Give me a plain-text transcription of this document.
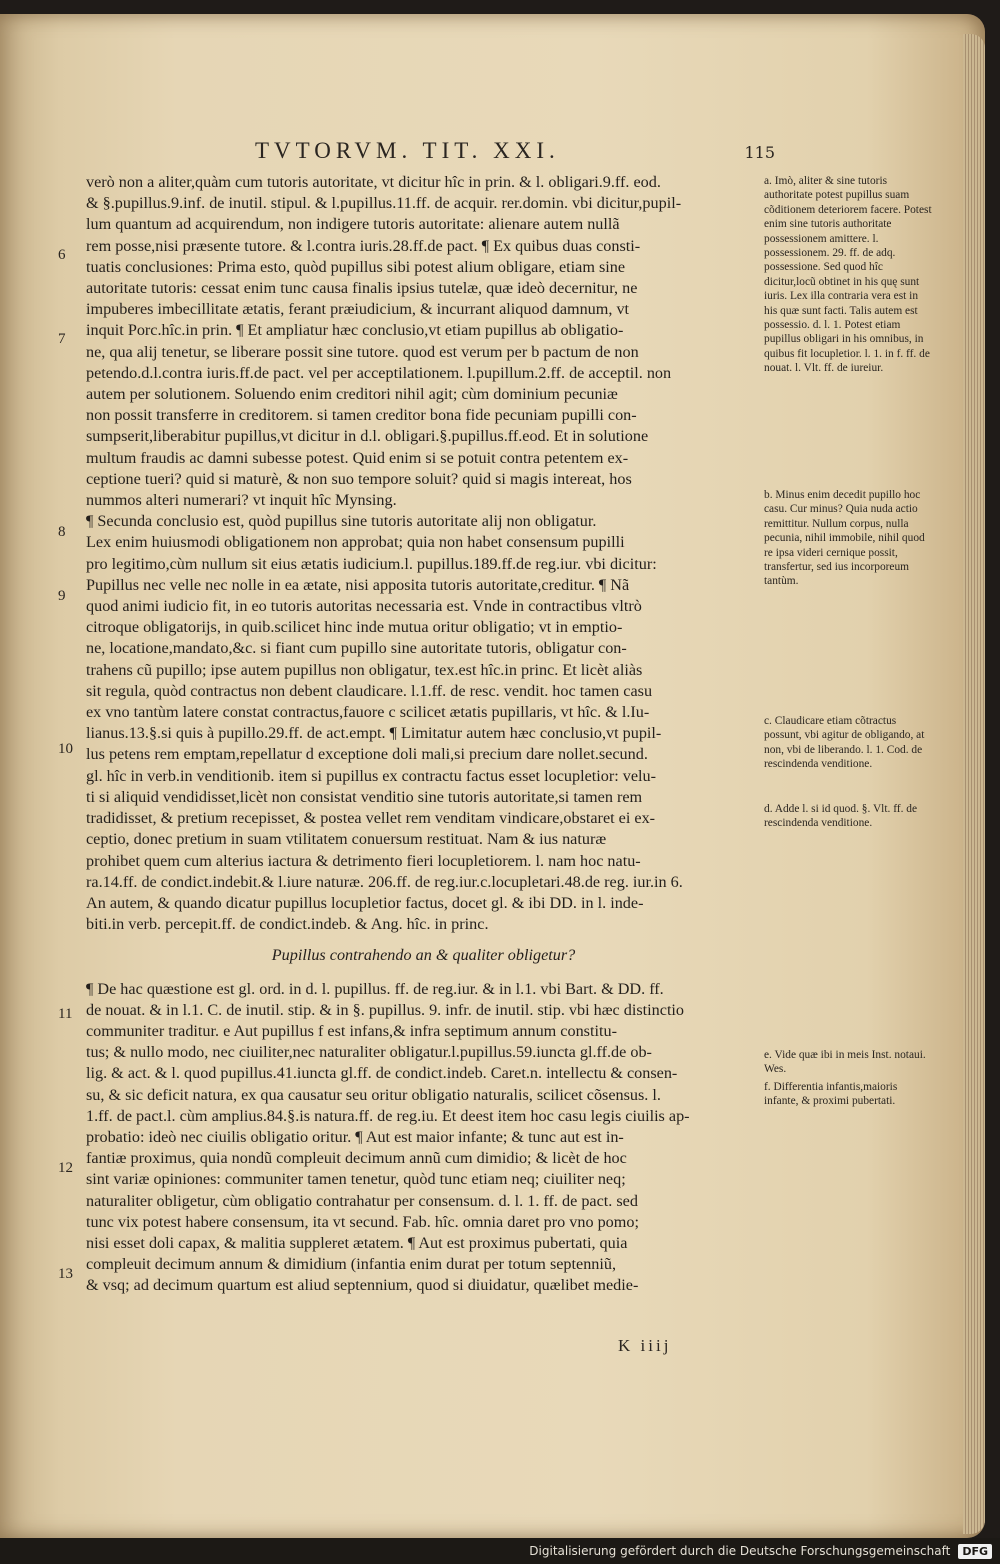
TVTORVM. TIT. XXI.	115

verò non a aliter,quàm cum tutoris autoritate, vt dicitur hîc in prin. & l. obligari.9.ff. eod.

& §.pupillus.9.inf. de inutil. stipul. & l.pupillus.11.ff. de acquir. rer.domin. vbi dicitur,pupil-

lum quantum ad acquirendum, non indigere tutoris autoritate: alienare autem nullã

rem posse,nisi præsente tutore. & l.contra iuris.28.ff.de pact. ¶ Ex quibus duas consti-

tuatis conclusiones: Prima esto, quòd pupillus sibi potest alium obligare, etiam sine

autoritate tutoris: cessat enim tunc causa finalis ipsius tutelæ, quæ ideò decernitur, ne

impuberes imbecillitate ætatis, ferant præiudicium, & incurrant aliquod damnum, vt

inquit Porc.hîc.in prin. ¶ Et ampliatur hæc conclusio,vt etiam pupillus ab obligatio-

ne, qua alij tenetur, se liberare possit sine tutore. quod est verum per b pactum de non

petendo.d.l.contra iuris.ff.de pact. vel per acceptilationem. l.pupillum.2.ff. de acceptil. non

autem per solutionem. Soluendo enim creditori nihil agit; cùm dominium pecuniæ

non possit transferre in creditorem. si tamen creditor bona fide pecuniam pupilli con-

sumpserit,liberabitur pupillus,vt dicitur in d.l. obligari.§.pupillus.ff.eod. Et in solutione

multum fraudis ac damni subesse potest. Quid enim si se potuit contra petentem ex-

ceptione tueri? quid si maturè, & non suo tempore soluit? quid si magis intereat, hos

nummos alteri numerari? vt inquit hîc Mynsing.

¶ Secunda conclusio est, quòd pupillus sine tutoris autoritate alij non obligatur.

Lex enim huiusmodi obligationem non approbat; quia non habet consensum pupilli

pro legitimo,cùm nullum sit eius ætatis iudicium.l. pupillus.189.ff.de reg.iur. vbi dicitur:

Pupillus nec velle nec nolle in ea ætate, nisi apposita tutoris autoritate,creditur. ¶ Nã

quod animi iudicio fit, in eo tutoris autoritas necessaria est. Vnde in contractibus vltrò

citroque obligatorijs, in quib.scilicet hinc inde mutua oritur obligatio; vt in emptio-

ne, locatione,mandato,&c. si fiant cum pupillo sine autoritate tutoris, obligatur con-

trahens cũ pupillo; ipse autem pupillus non obligatur, tex.est hîc.in princ. Et licèt aliàs

sit regula, quòd contractus non debent claudicare. l.1.ff. de resc. vendit. hoc tamen casu

ex vno tantùm latere constat contractus,fauore c scilicet ætatis pupillaris, vt hîc. & l.Iu-

lianus.13.§.si quis à pupillo.29.ff. de act.empt. ¶ Limitatur autem hæc conclusio,vt pupil-

lus petens rem emptam,repellatur d exceptione doli mali,si precium dare nollet.secund.

gl. hîc in verb.in venditionib. item si pupillus ex contractu factus esset locupletior: velu-

ti si aliquid vendidisset,licèt non consistat venditio sine tutoris autoritate,si tamen rem

tradidisset, & pretium recepisset, & postea vellet rem venditam vindicare,obstaret ei ex-

ceptio, donec pretium in suam vtilitatem conuersum restituat. Nam & ius naturæ

prohibet quem cum alterius iactura & detrimento fieri locupletiorem. l. nam hoc natu-

ra.14.ff. de condict.indebit.& l.iure naturæ. 206.ff. de reg.iur.c.locupletari.48.de reg. iur.in 6.

An autem, & quando dicatur pupillus locupletior factus, docet gl. & ibi DD. in l. inde-

biti.in verb. percepit.ff. de condict.indeb. & Ang. hîc. in princ.

Pupillus contrahendo an & qualiter obligetur?

¶ De hac quæstione est gl. ord. in d. l. pupillus. ff. de reg.iur. & in l.1. vbi Bart. & DD. ff.

de nouat. & in l.1. C. de inutil. stip. & in §. pupillus. 9. infr. de inutil. stip. vbi hæc distinctio

communiter traditur. e Aut pupillus f est infans,& infra septimum annum constitu-

tus; & nullo modo, nec ciuiliter,nec naturaliter obligatur.l.pupillus.59.iuncta gl.ff.de ob-

lig. & act. & l. quod pupillus.41.iuncta gl.ff. de condict.indeb. Caret.n. intellectu & consen-

su, & sic deficit natura, ex qua causatur seu oritur obligatio naturalis, scilicet cõsensus. l.

1.ff. de pact.l. cùm amplius.84.§.is natura.ff. de reg.iu. Et deest item hoc casu legis ciuilis ap-

probatio: ideò nec ciuilis obligatio oritur. ¶ Aut est maior infante; & tunc aut est in-

fantiæ proximus, quia nondũ compleuit decimum annũ cum dimidio; & licèt de hoc

sint variæ opiniones: communiter tamen tenetur, quòd tunc etiam neq; ciuiliter neq;

naturaliter obligetur, cùm obligatio contrahatur per consensum. d. l. 1. ff. de pact. sed

tunc vix potest habere consensum, ita vt secund. Fab. hîc. omnia daret pro vno pomo;

nisi esset doli capax, & malitia suppleret ætatem. ¶ Aut est proximus pubertati, quia

compleuit decimum annum & dimidium (infantia enim durat per totum septenniũ,

& vsq; ad decimum quartum est aliud septennium, quod si diuidatur, quælibet medie-

6
7
8
9
10
11
12
13

a. Imò, aliter & sine tutoris authoritate potest pupillus suam cõditionem deteriorem facere. Potest enim sine tutoris authoritate possessionem amittere. l. possessionem. 29. ff. de adq. possessione. Sed quod hîc dicitur,locũ obtinet in his quę sunt iuris. Lex illa contraria vera est in his quæ sunt facti. Talis autem est possessio. d. l. 1. Potest etiam pupillus obligari in his omnibus, in quibus fit locupletior. l. 1. in f. ff. de nouat. l. Vlt. ff. de iureiur.

b. Minus enim decedit pupillo hoc casu. Cur minus? Quia nuda actio remittitur. Nullum corpus, nulla pecunia, nihil immobile, nihil quod re ipsa videri cernique possit, transfertur, sed ius incorporeum tantùm.

c. Claudicare etiam cõtractus possunt, vbi agitur de obligando, at non, vbi de liberando. l. 1. Cod. de rescindenda venditione.

d. Adde l. si id quod. §. Vlt. ff. de rescindenda venditione.

e. Vide quæ ibi in meis Inst. notaui. Wes.

f. Differentia infantis,maioris infante, & proximi pubertati.

K iiij
Digitalisierung gefördert durch die Deutsche Forschungsgemeinschaft	DFG
